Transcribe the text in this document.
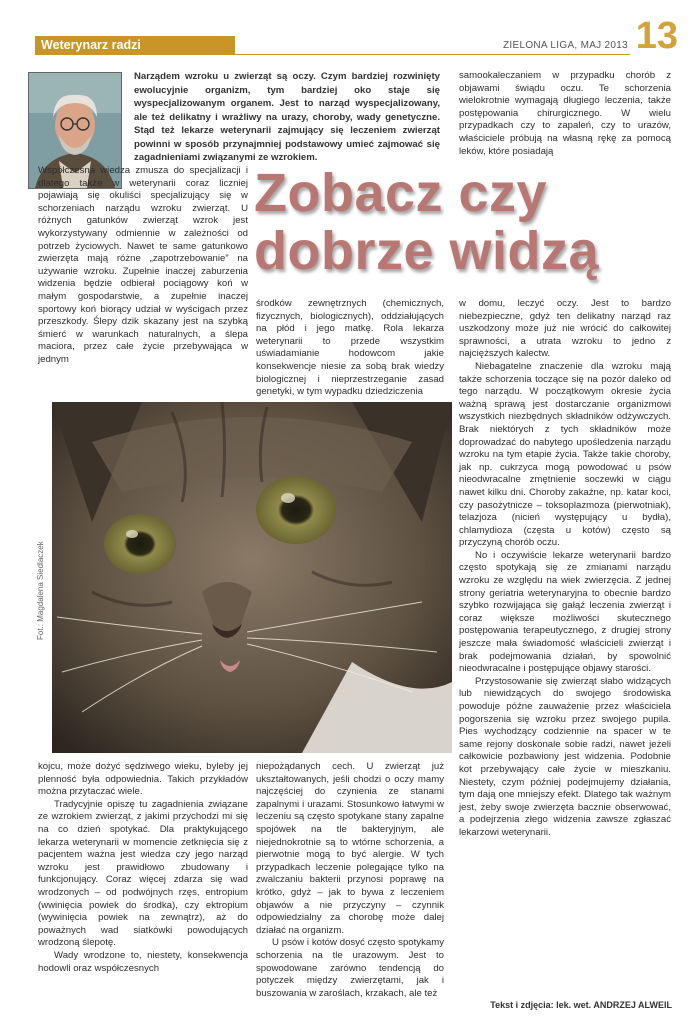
Weterynarz radzi	ZIELONA LIGA, MAJ 2013 13
Narządem wzroku u zwierząt są oczy. Czym bardziej rozwinięty ewolucyjnie organizm, tym bardziej oko staje się wyspecjalizowanym organem. Jest to narząd wyspecjalizowany, ale też delikatny i wrażliwy na urazy, choroby, wady genetyczne. Stąd też lekarze weterynarii zajmujący się leczeniem zwierząt powinni w sposób przynajmniej podstawowy umieć zajmować się zagadnieniami związanymi ze wzrokiem.
Zobacz czy
dobrze widzą

Współczesna wiedza zmusza do specjalizacji i dlatego także w weterynarii coraz liczniej pojawiają się okuliści specjalizujący się w schorzeniach narządu wzroku zwierząt. U różnych gatunków zwierząt wzrok jest wykorzystywany odmiennie w zależności od potrzeb życiowych. Nawet te same gatunkowo zwierzęta mają różne „zapotrzebowanie” na używanie wzroku. Zupełnie inaczej zaburzenia widzenia będzie odbierał pociągowy koń w małym gospodarstwie, a zupełnie inaczej sportowy koń biorący udział w wyścigach przez przeszkody. Ślepy dzik skazany jest na szybką śmierć w warunkach naturalnych, a ślepa maciora, przez całe życie przebywająca w jednym

środków zewnętrznych (chemicznych, fizycznych, biologicznych), oddziałujących na płód i jego matkę. Rola lekarza weterynarii to przede wszystkim uświadamianie hodowcom jakie konsekwencje niesie za sobą brak wiedzy biologicznej i nieprzestrzeganie zasad genetyki, w tym wypadku dziedziczenia

samookaleczaniem w przypadku chorób z objawami świądu oczu. Te schorzenia wielokrotnie wymagają długiego leczenia, także postępowania chirurgicznego. W wielu przypadkach czy to zapaleń, czy to urazów, właściciele próbują na własną rękę za pomocą leków, które posiadają

w domu, leczyć oczy. Jest to bardzo niebezpieczne, gdyż ten delikatny narząd raz uszkodzony może już nie wrócić do całkowitej sprawności, a utrata wzroku to jedno z najcięższych kalectw.

Niebagatelne znaczenie dla wzroku mają także schorzenia toczące się na pozór daleko od tego narządu. W początkowym okresie życia ważną sprawą jest dostarczanie organizmowi wszystkich niezbędnych składników odżywczych. Brak niektórych z tych składników może doprowadzać do nabytego upośledzenia narządu wzroku na tym etapie życia. Także takie choroby, jak np. cukrzyca mogą powodować u psów nieodwracalne zmętnienie soczewki w ciągu nawet kilku dni. Choroby zakaźne, np. katar koci, czy pasożytnicze – toksoplazmoza (pierwotniak), telazjoza (nicień występujący u bydła), chlamydioza (częsta u kotów) często są przyczyną chorób oczu.

No i oczywiście lekarze weterynarii bardzo często spotykają się ze zmianami narządu wzroku ze względu na wiek zwierzęcia. Z jednej strony geriatria weterynaryjna to obecnie bardzo szybko rozwijająca się gałąź leczenia zwierząt i coraz większe możliwości skutecznego postępowania terapeutycznego, z drugiej strony jeszcze mała świadomość właścicieli zwierząt i brak podejmowania działań, by spowolnić nieodwracalne i postępujące objawy starości.

Przystosowanie się zwierząt słabo widzących lub niewidzących do swojego środowiska powoduje późne zauważenie przez właściciela pogorszenia się wzroku przez swojego pupila. Pies wychodzący codziennie na spacer w te same rejony doskonale sobie radzi, nawet jeżeli całkowicie pozbawiony jest widzenia. Podobnie kot przebywający całe życie w mieszkaniu. Niestety, czym później podejmujemy działania, tym dają one mniejszy efekt. Dlatego tak ważnym jest, żeby swoje zwierzęta bacznie obserwować, a podejrzenia złego widzenia zawsze zgłaszać lekarzowi weterynarii.

Fot.: Magdalena Siedlaczek

kojcu, może dożyć sędziwego wieku, byleby jej plenność była odpowiednia. Takich przykładów można przytaczać wiele.

Tradycyjnie opiszę tu zagadnienia związane ze wzrokiem zwierząt, z jakimi przychodzi mi się na co dzień spotykać. Dla praktykującego lekarza weterynarii w momencie zetknięcia się z pacjentem ważna jest wiedza czy jego narząd wzroku jest prawidłowo zbudowany i funkcjonujący. Coraz więcej zdarza się wad wrodzonych – od podwójnych rzęs, entropium (wwinięcia powiek do środka), czy ektropium (wywinięcia powiek na zewnątrz), aż do poważnych wad siatkówki powodujących wrodzoną ślepotę.

Wady wrodzone to, niestety, konsekwencja hodowli oraz współczesnych

niepożądanych cech. U zwierząt już ukształtowanych, jeśli chodzi o oczy mamy najczęściej do czynienia ze stanami zapalnymi i urazami. Stosunkowo łatwymi w leczeniu są często spotykane stany zapalne spojówek na tle bakteryjnym, ale niejednokrotnie są to wtórne schorzenia, a pierwotnie mogą to być alergie. W tych przypadkach leczenie polegające tylko na zwalczaniu bakterii przynosi poprawę na krótko, gdyż – jak to bywa z leczeniem objawów a nie przyczyny – czynnik odpowiedzialny za chorobę może dalej działać na organizm.

U psów i kotów dosyć często spotykamy schorzenia na tle urazowym. Jest to spowodowane zarówno tendencją do potyczek między zwierzętami, jak i buszowania w zaroślach, krzakach, ale też

Tekst i zdjęcia: lek. wet. ANDRZEJ ALWEIL
